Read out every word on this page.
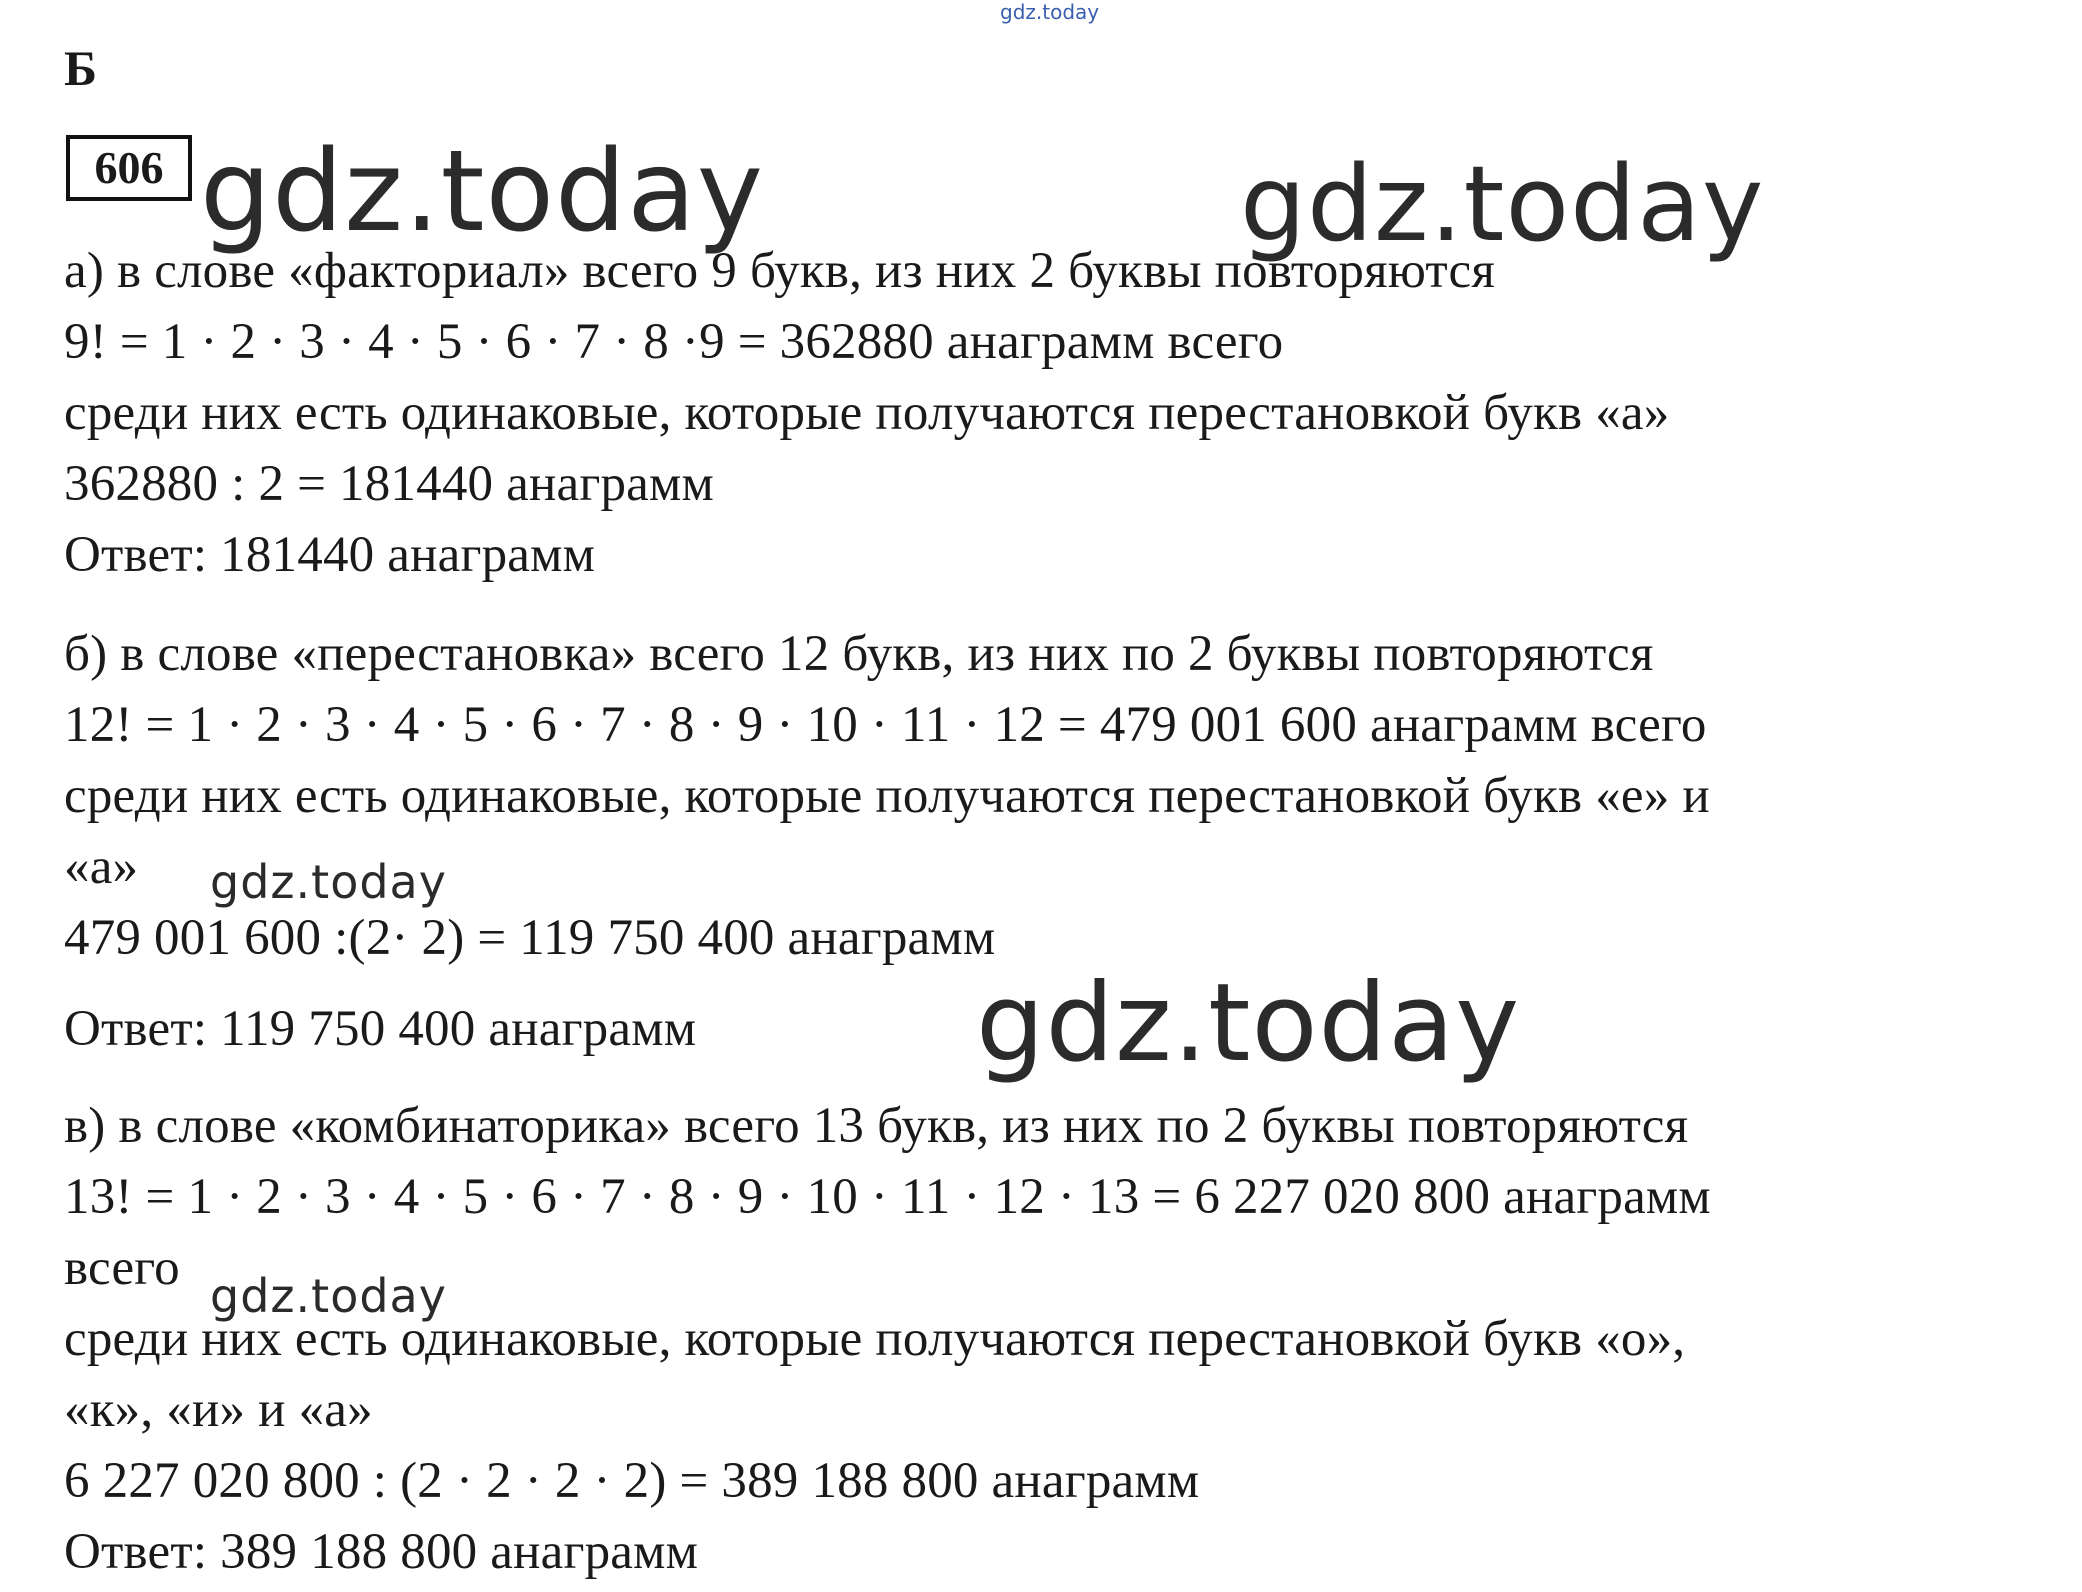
gdz.today
Б
606 gdz.today	gdz.today
а) в слове «факториал» всего 9 букв, из них 2 буквы повторяются
9! = 1 · 2 · 3 · 4 · 5 · 6 · 7 · 8 ·9 = 362880 анаграмм всего
среди них есть одинаковые, которые получаются перестановкой букв «а»
362880 : 2 = 181440 анаграмм
Ответ: 181440 анаграмм
б) в слове «перестановка» всего 12 букв, из них по 2 буквы повторяются
12! = 1 · 2 · 3 · 4 · 5 · 6 · 7 · 8 · 9 · 10 · 11 · 12 = 479 001 600 анаграмм всего
среди них есть одинаковые, которые получаются перестановкой букв «е» и
«а» gdz.today
479 001 600 :(2· 2) = 119 750 400 анаграмм
Ответ: 119 750 400 анаграмм	gdz.today
в) в слове «комбинаторика» всего 13 букв, из них по 2 буквы повторяются
13! = 1 · 2 · 3 · 4 · 5 · 6 · 7 · 8 · 9 · 10 · 11 · 12 · 13 = 6 227 020 800 анаграмм
всего gdz.today
среди них есть одинаковые, которые получаются перестановкой букв «о»,
«к», «и» и «а»
6 227 020 800 : (2 · 2 · 2 · 2) = 389 188 800 анаграмм
Ответ: 389 188 800 анаграмм
